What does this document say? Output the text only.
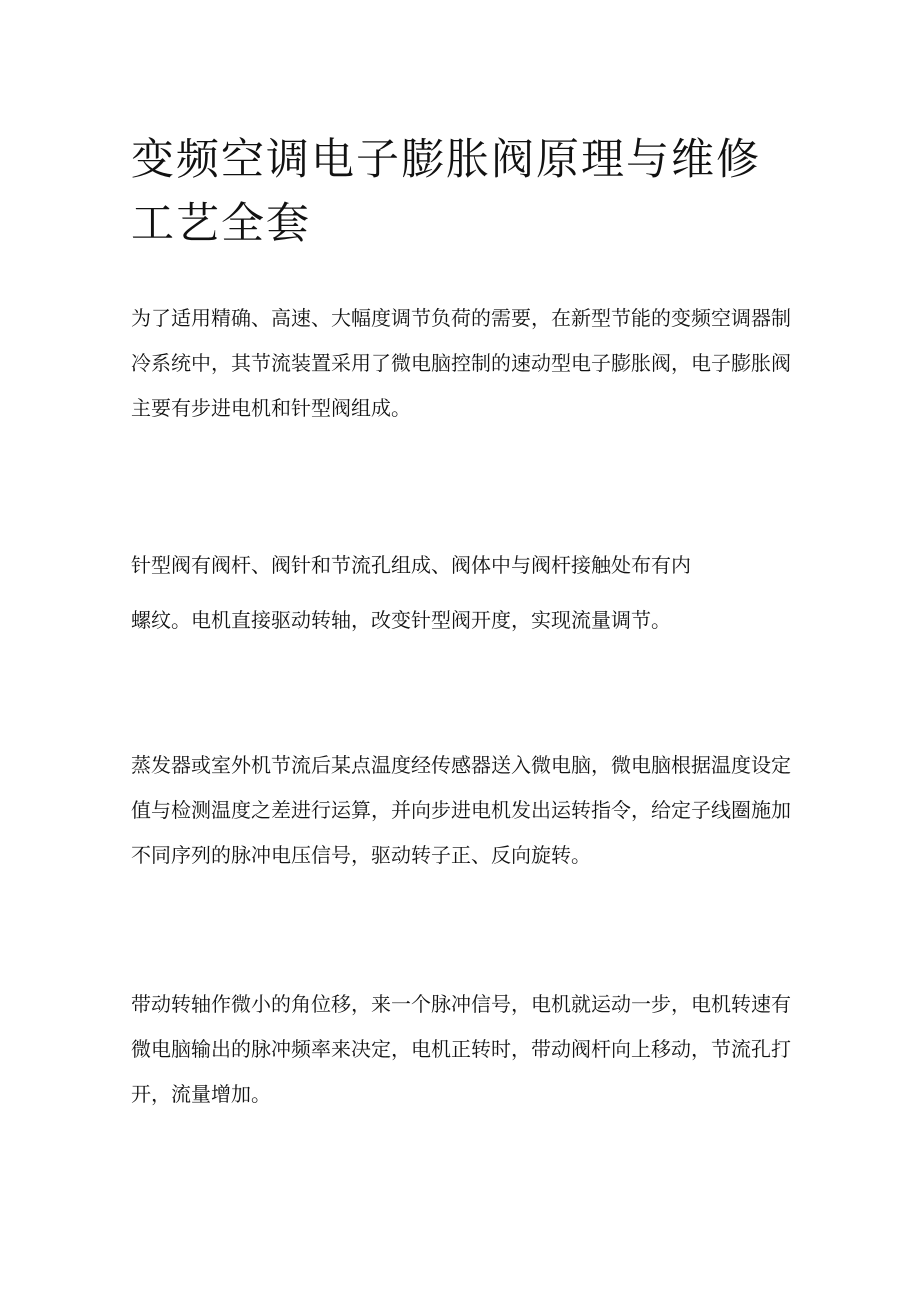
变频空调电子膨胀阀原理与维修工艺全套

为了适用精确、高速、大幅度调节负荷的需要，在新型节能的变频空调器制冷系统中，其节流装置采用了微电脑控制的速动型电子膨胀阀，电子膨胀阀主要有步进电机和针型阀组成。

针型阀有阀杆、阀针和节流孔组成、阀体中与阀杆接触处布有内

螺纹。电机直接驱动转轴，改变针型阀开度，实现流量调节。

蒸发器或室外机节流后某点温度经传感器送入微电脑，微电脑根据温度设定值与检测温度之差进行运算，并向步进电机发出运转指令，给定子线圈施加不同序列的脉冲电压信号，驱动转子正、反向旋转。

带动转轴作微小的角位移，来一个脉冲信号，电机就运动一步，电机转速有微电脑输出的脉冲频率来决定，电机正转时，带动阀杆向上移动，节流孔打开，流量增加。
